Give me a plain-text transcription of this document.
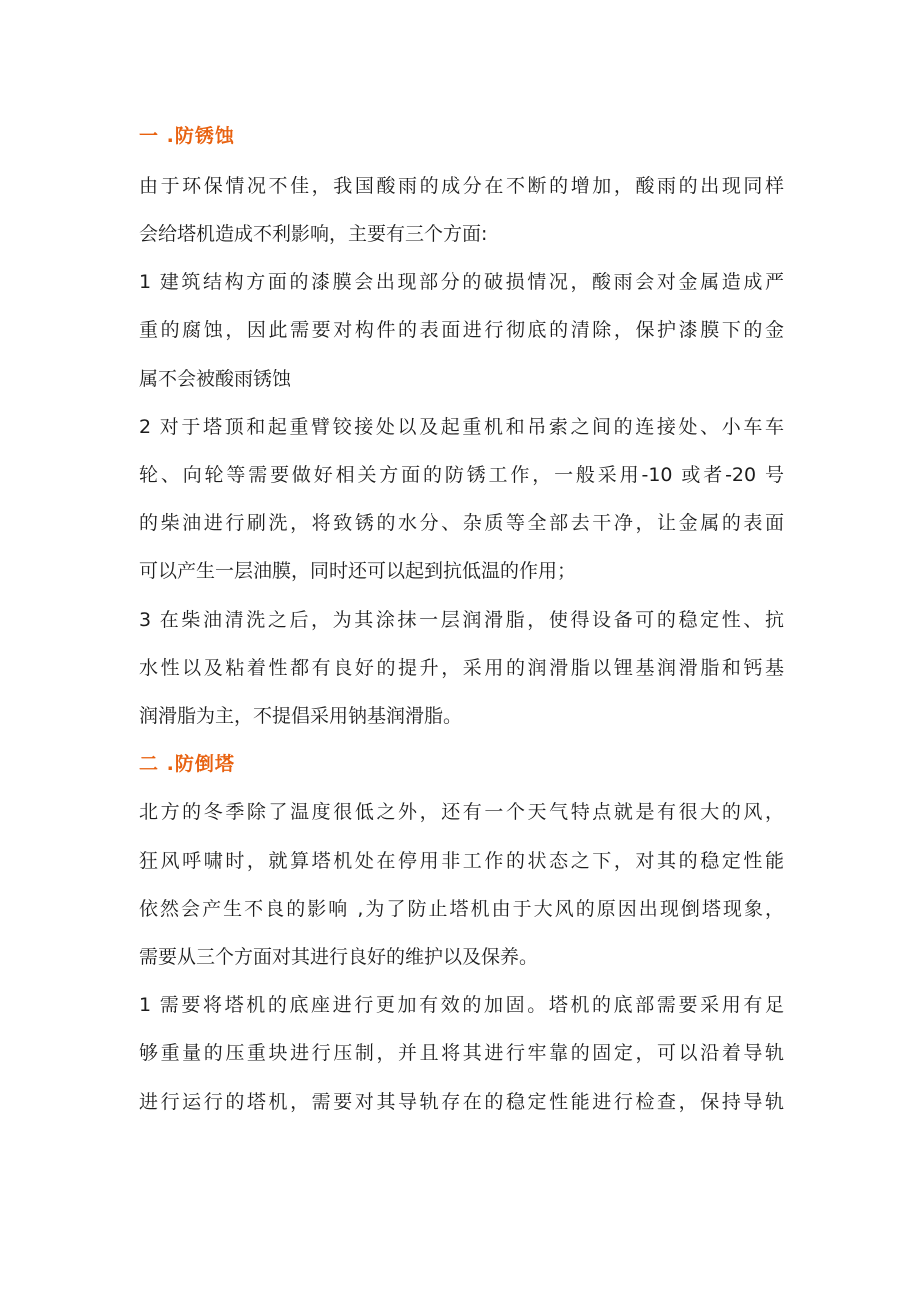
一 .防锈蚀
由于环保情况不佳，我国酸雨的成分在不断的增加，酸雨的出现同样
会给塔机造成不利影响，主要有三个方面:
1 建筑结构方面的漆膜会出现部分的破损情况，酸雨会对金属造成严
重的腐蚀，因此需要对构件的表面进行彻底的清除，保护漆膜下的金
属不会被酸雨锈蚀
2 对于塔顶和起重臂铰接处以及起重机和吊索之间的连接处、小车车
轮、向轮等需要做好相关方面的防锈工作，一般采用-10 或者-20 号
的柴油进行刷洗，将致锈的水分、杂质等全部去干净，让金属的表面
可以产生一层油膜，同时还可以起到抗低温的作用；
3 在柴油清洗之后，为其涂抹一层润滑脂，使得设备可的稳定性、抗
水性以及粘着性都有良好的提升，采用的润滑脂以锂基润滑脂和钙基
润滑脂为主，不提倡采用钠基润滑脂。
二 .防倒塔
北方的冬季除了温度很低之外，还有一个天气特点就是有很大的风，
狂风呼啸时，就算塔机处在停用非工作的状态之下，对其的稳定性能
依然会产生不良的影响 ,为了防止塔机由于大风的原因出现倒塔现象，
需要从三个方面对其进行良好的维护以及保养。
1 需要将塔机的底座进行更加有效的加固。塔机的底部需要采用有足
够重量的压重块进行压制，并且将其进行牢靠的固定，可以沿着导轨
进行运行的塔机，需要对其导轨存在的稳定性能进行检查，保持导轨
